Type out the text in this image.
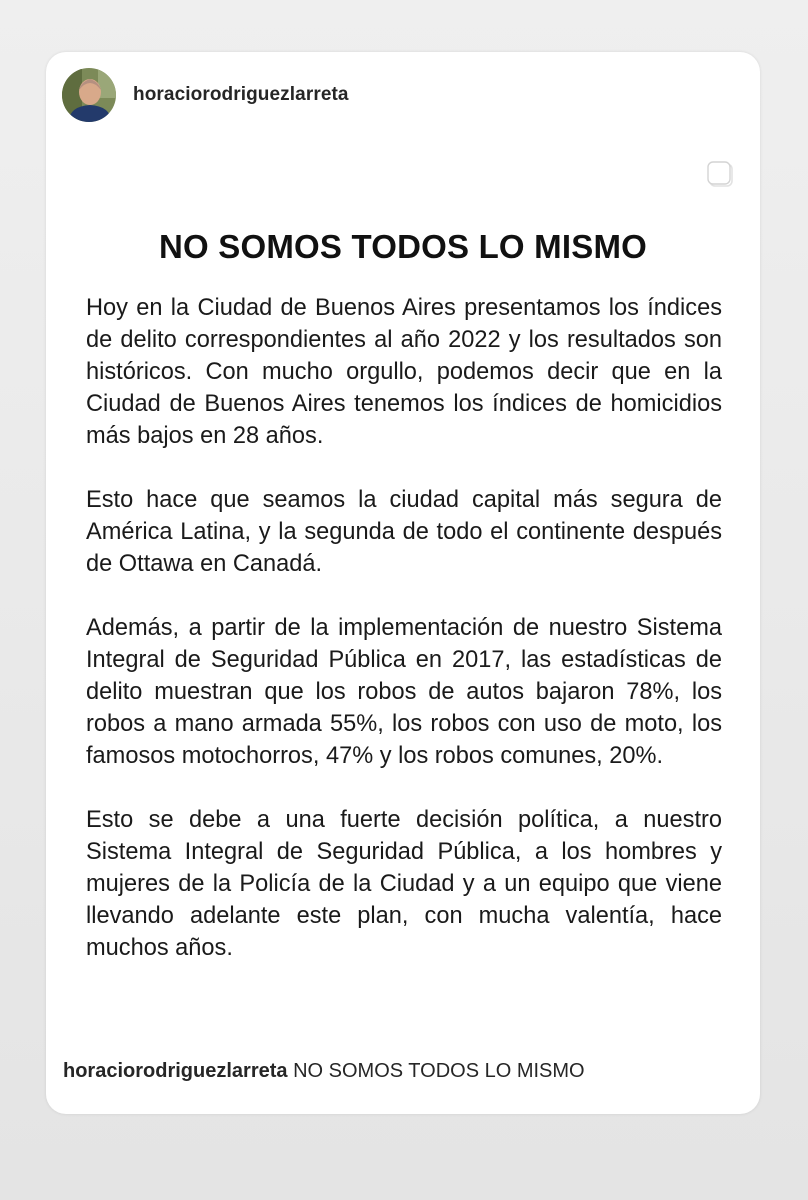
horaciorodriguezlarreta
NO SOMOS TODOS LO MISMO

Hoy en la Ciudad de Buenos Aires presentamos los índices de delito correspondientes al año 2022 y los resultados son históricos. Con mucho orgullo, podemos decir que en la Ciudad de Buenos Aires tenemos los índices de homicidios más bajos en 28 años.

Esto hace que seamos la ciudad capital más segura de América Latina, y la segunda de todo el continente después de Ottawa en Canadá.

Además, a partir de la implementación de nuestro Sistema Integral de Seguridad Pública en 2017, las estadísticas de delito muestran que los robos de autos bajaron 78%, los robos a mano armada 55%, los robos con uso de moto, los famosos motochorros, 47% y los robos comunes, 20%.

Esto se debe a una fuerte decisión política, a nuestro Sistema Integral de Seguridad Pública, a los hombres y mujeres de la Policía de la Ciudad y a un equipo que viene llevando adelante este plan, con mucha valentía, hace muchos años.

horaciorodriguezlarreta NO SOMOS TODOS LO MISMO
